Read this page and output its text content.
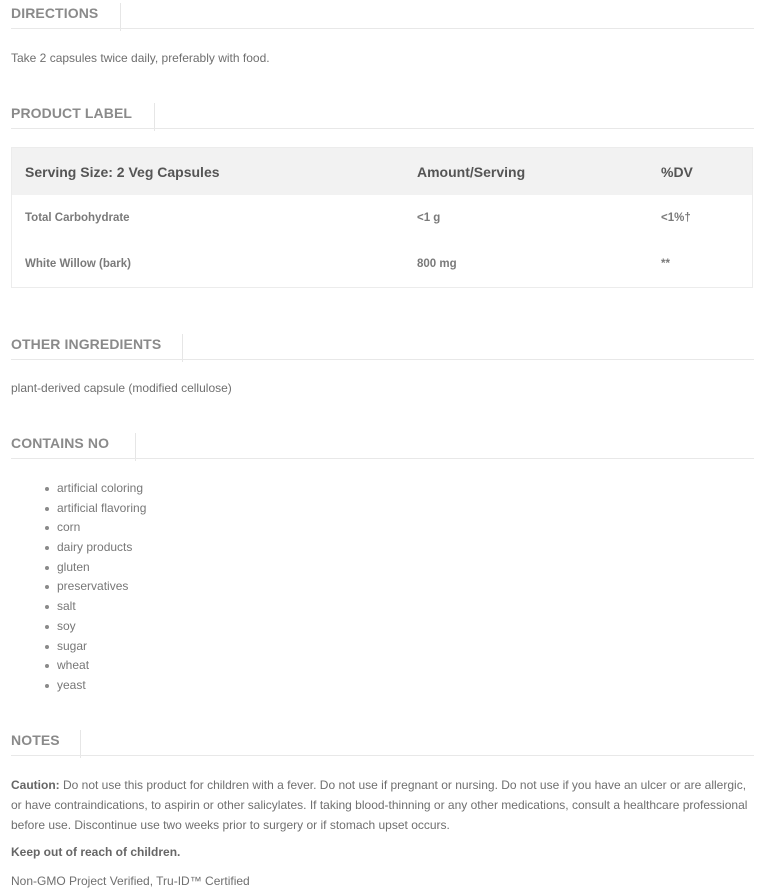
DIRECTIONS

Take 2 capsules twice daily, preferably with food.

PRODUCT LABEL
Serving Size: 2 Veg Capsules	Amount/Serving	%DV
Total Carbohydrate	<1 g	<1%†
White Willow (bark)	800 mg	**
OTHER INGREDIENTS

plant-derived capsule (modified cellulose)

CONTAINS NO
artificial coloring
artificial flavoring
corn
dairy products
gluten
preservatives
salt
soy
sugar
wheat
yeast
NOTES

Caution: Do not use this product for children with a fever. Do not use if pregnant or nursing. Do not use if you have an ulcer or are allergic, or have contraindications, to aspirin or other salicylates. If taking blood-thinning or any other medications, consult a healthcare professional before use. Discontinue use two weeks prior to surgery or if stomach upset occurs.

Keep out of reach of children.

Non-GMO Project Verified, Tru-ID™ Certified
